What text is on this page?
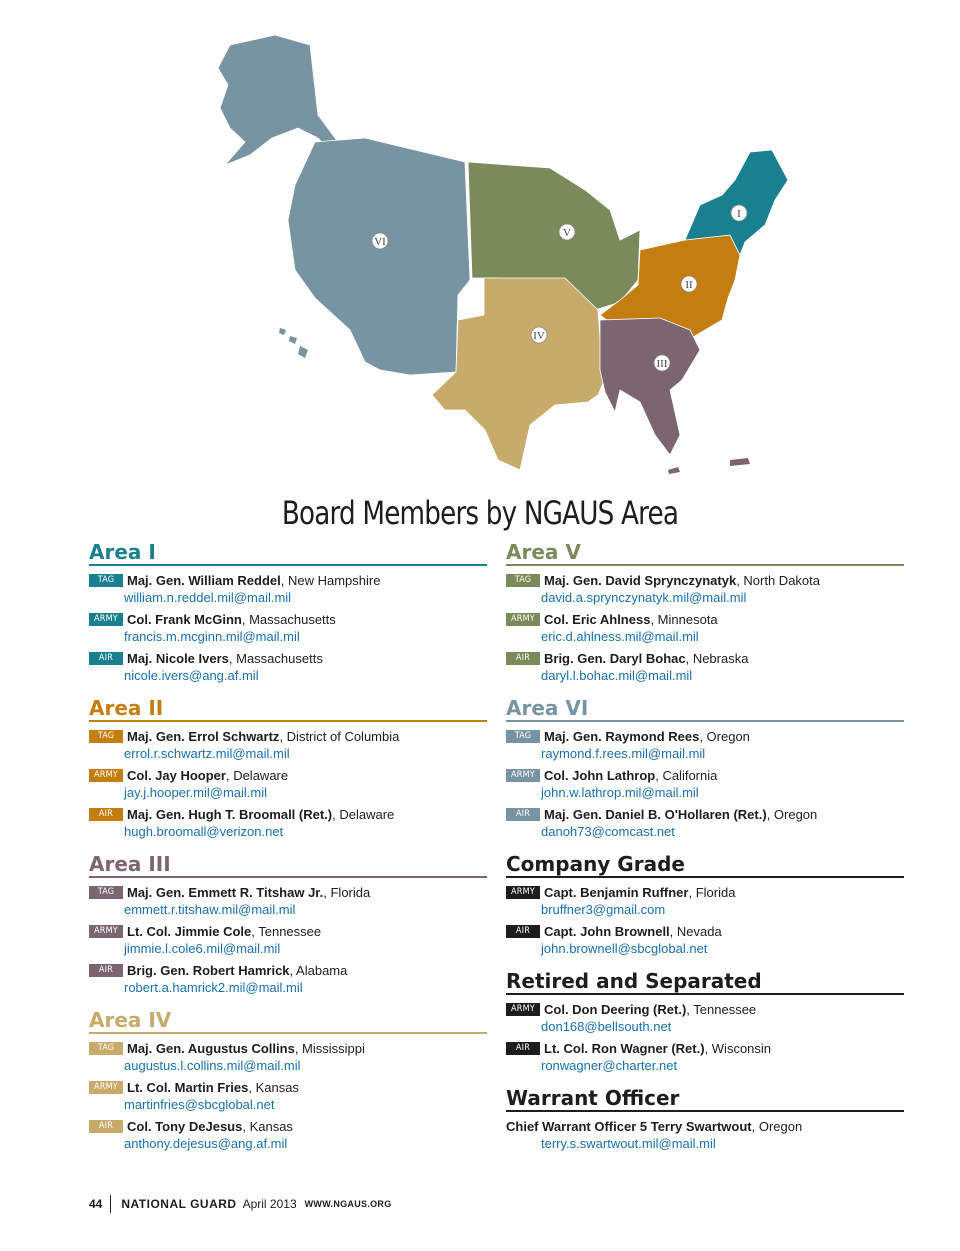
VI
V
IV
I
II
III
Board Members by NGAUS Area
Area I
TAG Maj. Gen. William Reddel , New Hampshire
william.n.reddel.mil@mail.mil
ARMY Col. Frank McGinn , Massachusetts
francis.m.mcginn.mil@mail.mil
AIR	Maj. Nicole Ivers , Massachusetts
nicole.ivers@ang.af.mil
Area II
TAG Maj. Gen. Errol Schwartz , District of Columbia
errol.r.schwartz.mil@mail.mil
ARMY Col. Jay Hooper , Delaware
jay.j.hooper.mil@mail.mil
AIR	Maj. Gen. Hugh T. Broomall (Ret.) , Delaware
hugh.broomall@verizon.net
Area III
TAG Maj. Gen. Emmett R. Titshaw Jr. , Florida
emmett.r.titshaw.mil@mail.mil
ARMY Lt. Col. Jimmie Cole , Tennessee
jimmie.l.cole6.mil@mail.mil
AIR	Brig. Gen. Robert Hamrick , Alabama
robert.a.hamrick2.mil@mail.mil
Area IV
TAG Maj. Gen. Augustus Collins , Mississippi
augustus.l.collins.mil@mail.mil
ARMY Lt. Col. Martin Fries , Kansas
martinfries@sbcglobal.net
AIR	Col. Tony DeJesus , Kansas
anthony.dejesus@ang.af.mil
Area V
TAG Maj. Gen. David Sprynczynatyk , North Dakota
david.a.sprynczynatyk.mil@mail.mil
ARMY Col. Eric Ahlness , Minnesota
eric.d.ahlness.mil@mail.mil
AIR	Brig. Gen. Daryl Bohac , Nebraska
daryl.l.bohac.mil@mail.mil
Area VI
TAG Maj. Gen. Raymond Rees , Oregon
raymond.f.rees.mil@mail.mil
ARMY Col. John Lathrop , California
john.w.lathrop.mil@mail.mil
AIR	Maj. Gen. Daniel B. O'Hollaren (Ret.) , Oregon
danoh73@comcast.net
Company Grade
ARMY Capt. Benjamin Ruffner , Florida
bruffner3@gmail.com
AIR	Capt. John Brownell , Nevada
john.brownell@sbcglobal.net
Retired and Separated
ARMY Col. Don Deering (Ret.) , Tennessee
don168@bellsouth.net
AIR	Lt. Col. Ron Wagner (Ret.) , Wisconsin
ronwagner@charter.net
Warrant Officer
Chief Warrant Officer 5 Terry Swartwout , Oregon
terry.s.swartwout.mil@mail.mil
44 NATIONAL GUARD April 2013 WWW.NGAUS.ORG
